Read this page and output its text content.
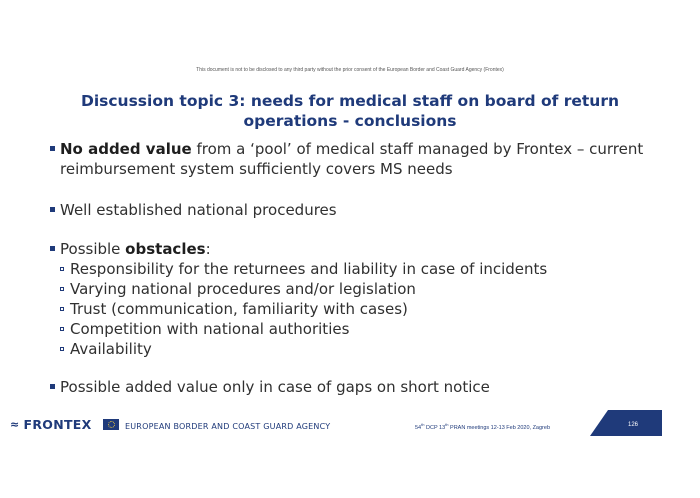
This document is not to be disclosed to any third party without the prior consent of the European Border and Coast Guard Agency (Frontex)
Discussion topic 3: needs for medical staff on board of return operations - conclusions
No added value from a ‘pool’ of medical staff managed by Frontex – current
reimbursement system sufficiently covers MS needs
Well established national procedures
Possible obstacles:
Responsibility for the returnees and liability in case of incidents
Varying national procedures and/or legislation
Trust (communication, familiarity with cases)
Competition with national authorities
Availability
Possible added value only in case of gaps on short notice
≈ FRONTEX	EUROPEAN BORDER AND COAST GUARD AGENCY	54th DCP 13th PRAN meetings 12-13 Feb 2020, Zagreb	126
